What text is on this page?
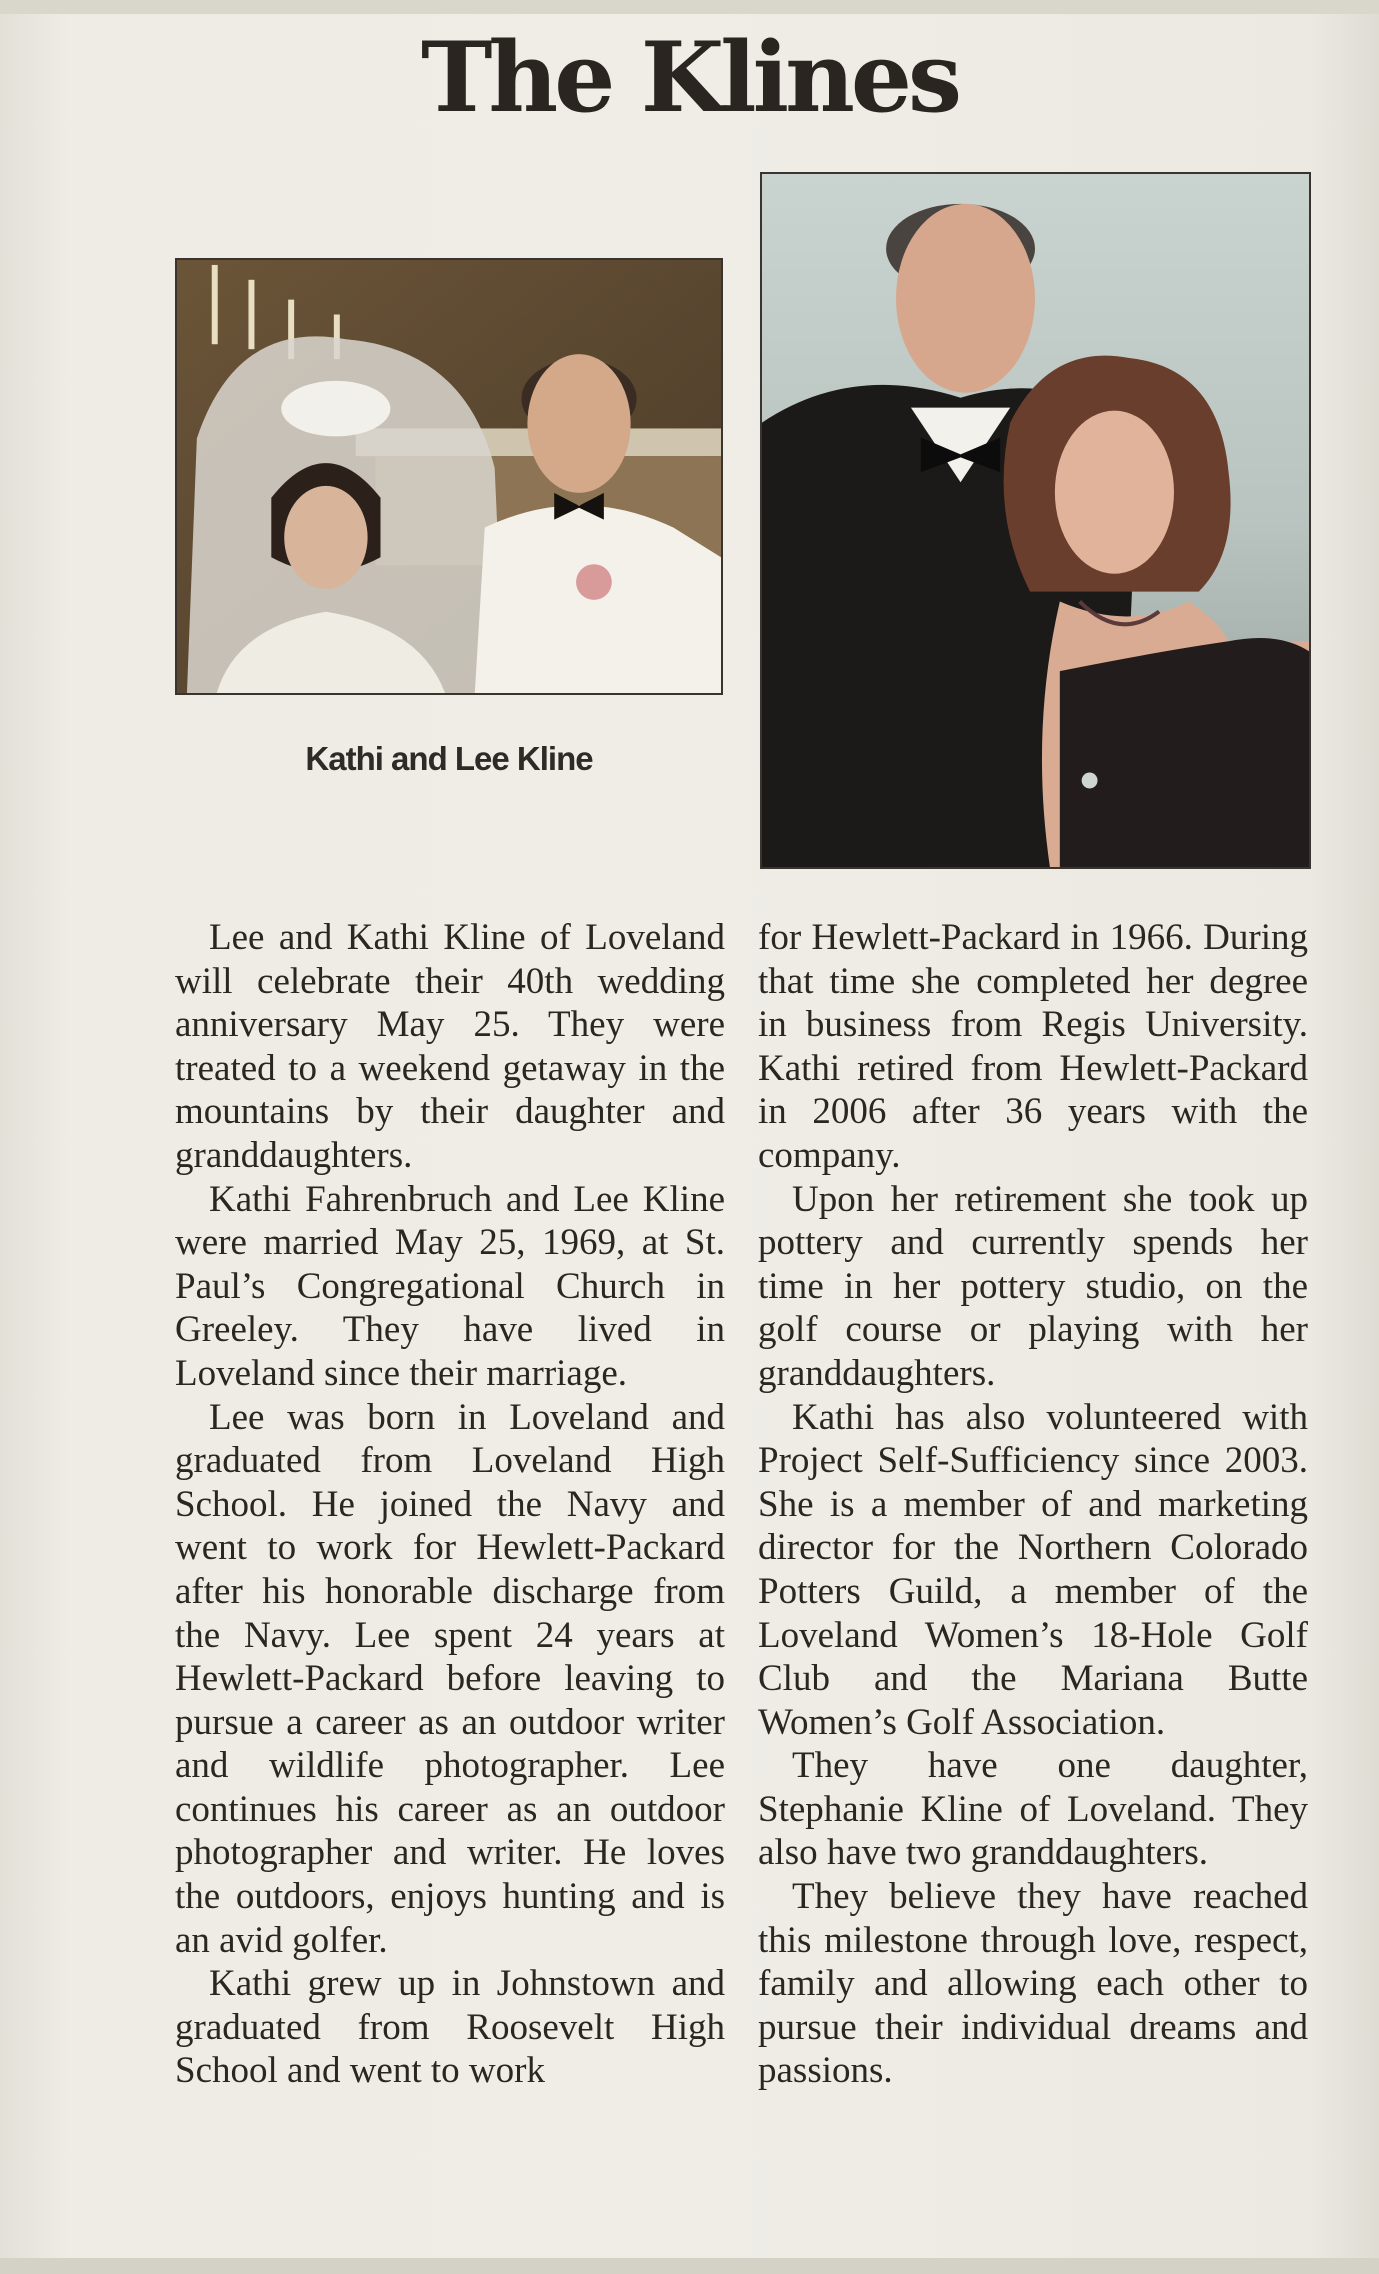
The Klines
Kathi and Lee Kline

Lee and Kathi Kline of Loveland will celebrate their 40th wedding anniversary May 25. They were treated to a weekend getaway in the mountains by their daughter and granddaughters.

Kathi Fahrenbruch and Lee Kline were married May 25, 1969, at St. Paul’s Congregational Church in Greeley. They have lived in Loveland since their marriage.

Lee was born in Loveland and graduated from Loveland High School. He joined the Navy and went to work for Hewlett-Packard after his honorable discharge from the Navy. Lee spent 24 years at Hewlett-Packard before leaving to pursue a career as an outdoor writer and wildlife photographer. Lee continues his career as an outdoor photographer and writer. He loves the outdoors, enjoys hunting and is an avid golfer.

Kathi grew up in Johnstown and graduated from Roosevelt High School and went to work

for Hewlett-Packard in 1966. During that time she completed her degree in business from Regis University. Kathi retired from Hewlett-Packard in 2006 after 36 years with the company.

Upon her retirement she took up pottery and currently spends her time in her pottery studio, on the golf course or playing with her granddaughters.

Kathi has also volunteered with Project Self-Sufficiency since 2003. She is a member of and marketing director for the Northern Colorado Potters Guild, a member of the Loveland Women’s 18-Hole Golf Club and the Mariana Butte Women’s Golf Association.

They have one daughter, Stephanie Kline of Loveland. They also have two granddaughters.

They believe they have reached this milestone through love, respect, family and allowing each other to pursue their individual dreams and passions.
